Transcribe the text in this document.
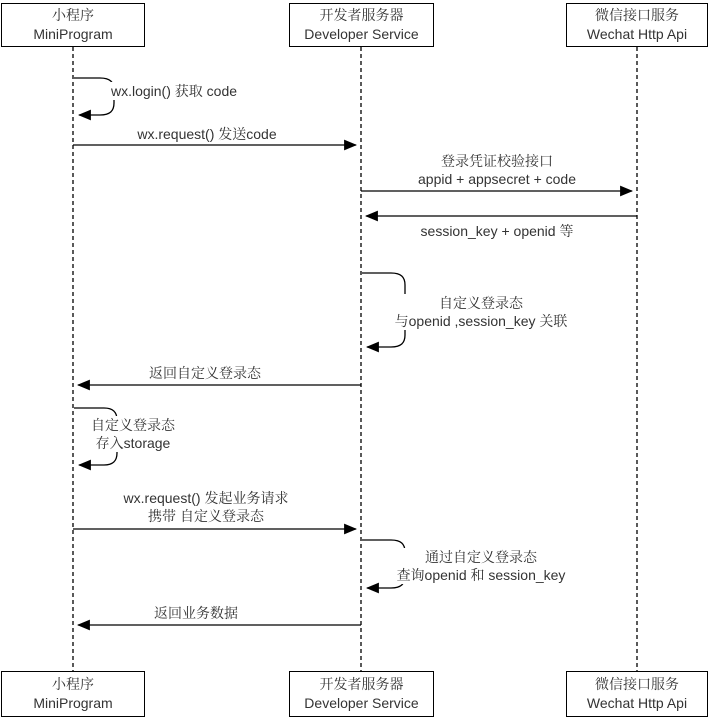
wx.login() 获取 code
wx.request() 发送code
登录凭证校验接口
appid + appsecret + code
session_key + openid 等
自定义登录态
与openid ,session_key 关联
返回自定义登录态
自定义登录态
存入storage
wx.request() 发起业务请求
携带 自定义登录态
通过自定义登录态
查询openid 和 session_key
返回业务数据
小程序
MiniProgram
开发者服务器
Developer Service
微信接口服务
Wechat Http Api
小程序
MiniProgram
开发者服务器
Developer Service
微信接口服务
Wechat Http Api
